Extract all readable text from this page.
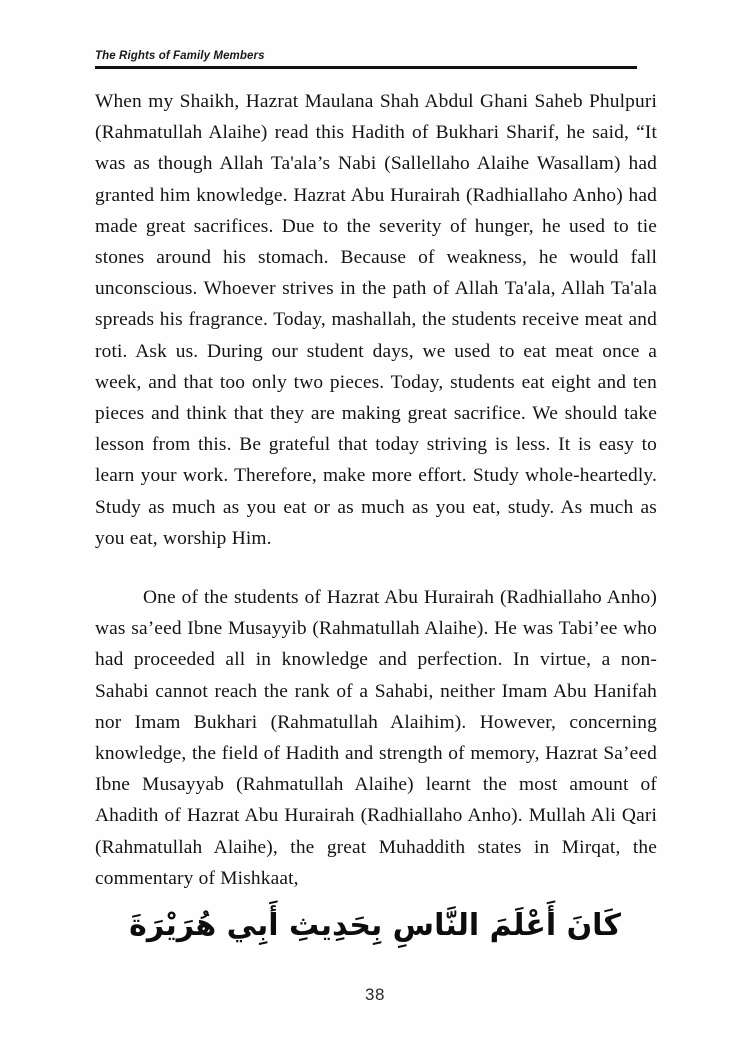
The Rights of Family Members

When my Shaikh, Hazrat Maulana Shah Abdul Ghani Saheb Phulpuri (Rahmatullah Alaihe) read this Hadith of Bukhari Sharif, he said, “It was as though Allah Ta'ala’s Nabi (Sallellaho Alaihe Wasallam) had granted him knowledge. Hazrat Abu Hurairah (Radhiallaho Anho) had made great sacrifices. Due to the severity of hunger, he used to tie stones around his stomach. Because of weakness, he would fall unconscious. Whoever strives in the path of Allah Ta'ala, Allah Ta'ala spreads his fragrance. Today, mashallah, the students receive meat and roti. Ask us. During our student days, we used to eat meat once a week, and that too only two pieces. Today, students eat eight and ten pieces and think that they are making great sacrifice. We should take lesson from this. Be grateful that today striving is less. It is easy to learn your work. Therefore, make more effort. Study whole-heartedly. Study as much as you eat or as much as you eat, study. As much as you eat, worship Him.

One of the students of Hazrat Abu Hurairah (Radhiallaho Anho) was sa’eed Ibne Musayyib (Rahmatullah Alaihe). He was Tabi’ee who had proceeded all in knowledge and perfection. In virtue, a non-Sahabi cannot reach the rank of a Sahabi, neither Imam Abu Hanifah nor Imam Bukhari (Rahmatullah Alaihim). However, concerning knowledge, the field of Hadith and strength of memory, Hazrat Sa’eed Ibne Musayyab (Rahmatullah Alaihe) learnt the most amount of Ahadith of Hazrat Abu Hurairah (Radhiallaho Anho). Mullah Ali Qari (Rahmatullah Alaihe), the great Muhaddith states in Mirqat, the commentary of Mishkaat,

كَانَ أَعْلَمَ النَّاسِ بِحَدِيثِ أَبِي هُرَيْرَةَ
38
